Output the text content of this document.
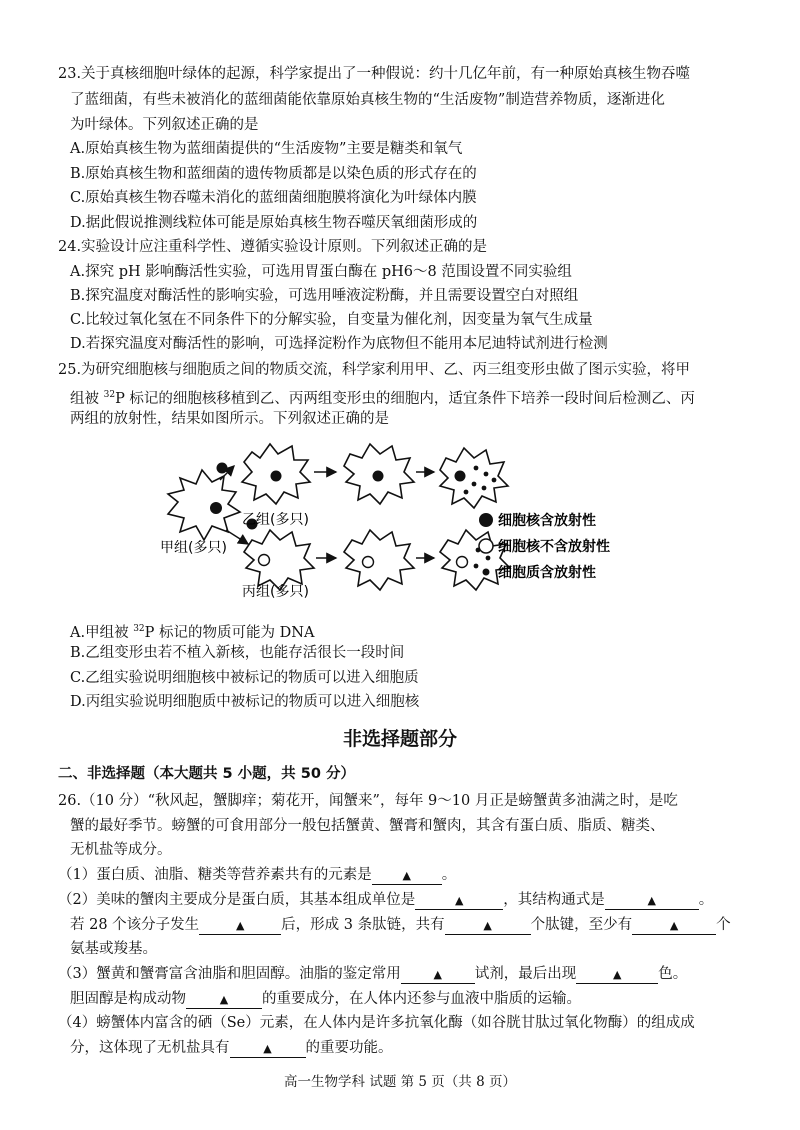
23.关于真核细胞叶绿体的起源，科学家提出了一种假说：约十几亿年前，有一种原始真核生物吞噬
了蓝细菌，有些未被消化的蓝细菌能依靠原始真核生物的“生活废物”制造营养物质，逐渐进化
为叶绿体。下列叙述正确的是
A.原始真核生物为蓝细菌提供的“生活废物”主要是糖类和氧气
B.原始真核生物和蓝细菌的遗传物质都是以染色质的形式存在的
C.原始真核生物吞噬未消化的蓝细菌细胞膜将演化为叶绿体内膜
D.据此假说推测线粒体可能是原始真核生物吞噬厌氧细菌形成的
24.实验设计应注重科学性、遵循实验设计原则。下列叙述正确的是
A.探究 pH 影响酶活性实验，可选用胃蛋白酶在 pH6～8 范围设置不同实验组
B.探究温度对酶活性的影响实验，可选用唾液淀粉酶，并且需要设置空白对照组
C.比较过氧化氢在不同条件下的分解实验，自变量为催化剂，因变量为氧气生成量
D.若探究温度对酶活性的影响，可选择淀粉作为底物但不能用本尼迪特试剂进行检测
25.为研究细胞核与细胞质之间的物质交流，科学家利用甲、乙、丙三组变形虫做了图示实验，将甲
组被 $^{32}$P 标记的细胞核移植到乙、丙两组变形虫的细胞内，适宜条件下培养一段时间后检测乙、丙
两组的放射性，结果如图所示。下列叙述正确的是
乙组(多只)
甲组(多只)
丙组(多只)
细胞核含放射性
细胞核不含放射性
细胞质含放射性
A.甲组被 $^{32}$P 标记的物质可能为 DNA
B.乙组变形虫若不植入新核，也能存活很长一段时间
C.乙组实验说明细胞核中被标记的物质可以进入细胞质
D.丙组实验说明细胞质中被标记的物质可以进入细胞核
非选择题部分
二、非选择题（本大题共 5 小题，共 50 分）
26.（10 分）“秋风起，蟹脚痒；菊花开，闻蟹来”，每年 9～10 月正是螃蟹黄多油满之时，是吃
蟹的最好季节。螃蟹的可食用部分一般包括蟹黄、蟹膏和蟹肉，其含有蛋白质、脂质、糖类、
无机盐等成分。
（1）蛋白质、油脂、糖类等营养素共有的元素是	▲ 。
（2）美味的蟹肉主要成分是蛋白质，其基本组成单位是	▲	，其结构通式是	▲	。
若 28 个该分子发生	▲	后，形成 3 条肽链，共有	▲	个肽键，至少有	▲	个
氨基或羧基。
（3）蟹黄和蟹膏富含油脂和胆固醇。油脂的鉴定常用	▲ 试剂，最后出现	▲	色。
胆固醇是构成动物	▲ 的重要成分，在人体内还参与血液中脂质的运输。
（4）螃蟹体内富含的硒（Se）元素，在人体内是许多抗氧化酶（如谷胱甘肽过氧化物酶）的组成成
分，这体现了无机盐具有	▲ 的重要功能。
高一生物学科 试题 第 5 页（共 8 页）
